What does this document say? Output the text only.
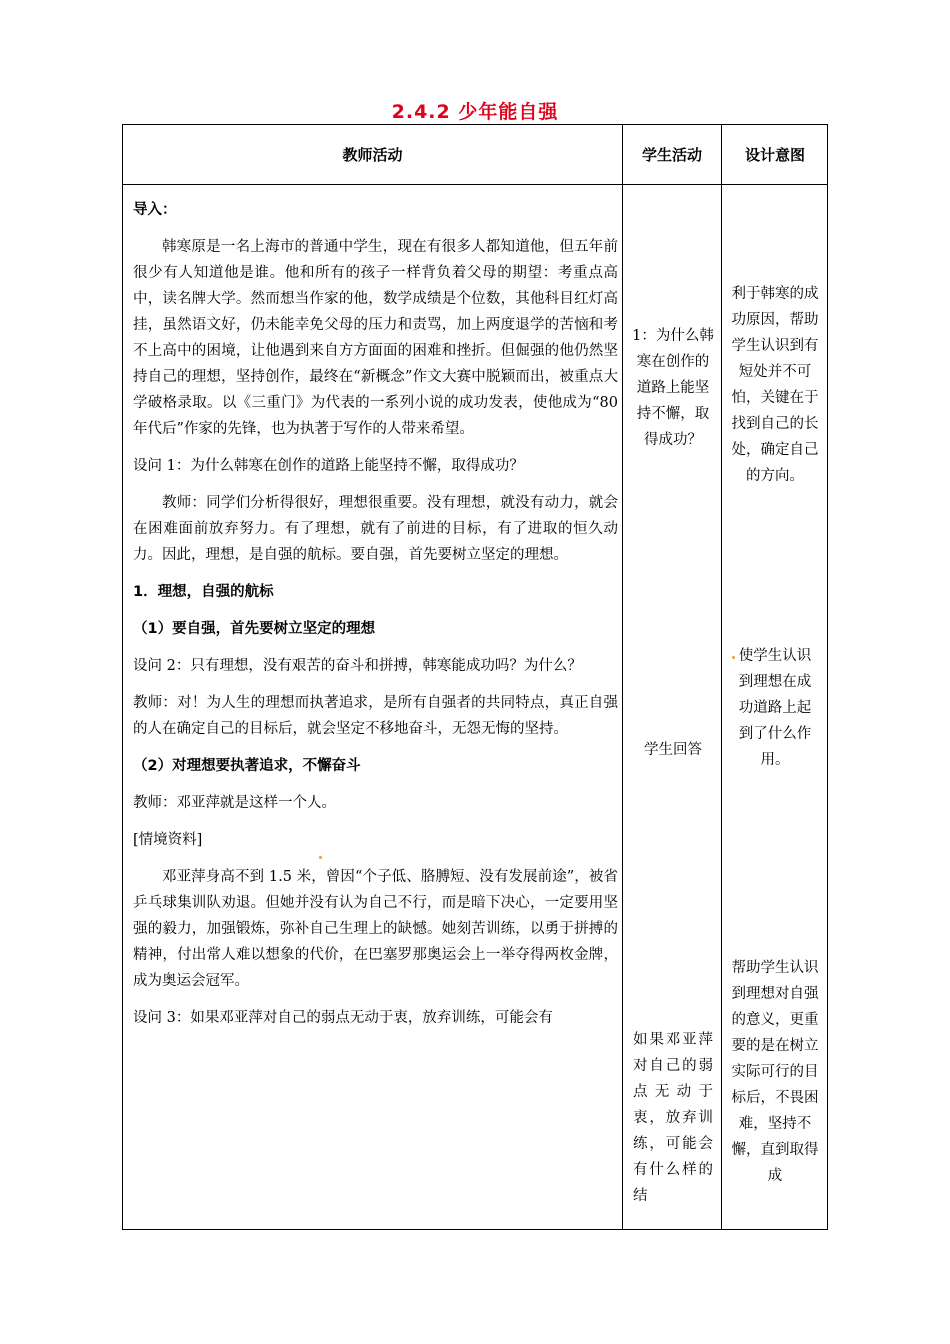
2.4.2 少年能自强
教师活动	学生活动	设计意图

导入：

韩寒原是一名上海市的普通中学生，现在有很多人都知道他，但五年前很少有人知道他是谁。他和所有的孩子一样背负着父母的期望：考重点高中，读名牌大学。然而想当作家的他，数学成绩是个位数，其他科目红灯高挂，虽然语文好，仍未能幸免父母的压力和责骂，加上两度退学的苦恼和考不上高中的困境，让他遇到来自方方面面的困难和挫折。但倔强的他仍然坚持自己的理想，坚持创作，最终在“新概念”作文大赛中脱颖而出，被重点大学破格录取。以《三重门》为代表的一系列小说的成功发表，使他成为“80年代后”作家的先锋，也为执著于写作的人带来希望。

设问 1：为什么韩寒在创作的道路上能坚持不懈，取得成功？

教师：同学们分析得很好，理想很重要。没有理想，就没有动力，就会在困难面前放弃努力。有了理想，就有了前进的目标，有了进取的恒久动力。因此，理想，是自强的航标。要自强，首先要树立坚定的理想。

1．理想，自强的航标

（1）要自强，首先要树立坚定的理想

设问 2：只有理想，没有艰苦的奋斗和拼搏，韩寒能成功吗？为什么？

教师：对！为人生的理想而执著追求，是所有自强者的共同特点，真正自强的人在确定自己的目标后，就会坚定不移地奋斗，无怨无悔的坚持。

（2）对理想要执著追求，不懈奋斗

教师：邓亚萍就是这样一个人。

[情境资料]

邓亚萍身高不到 1.5 米，曾因“个子低、胳膊短、没有发展前途”，被省乒乓球集训队劝退。但她并没有认为自己不行，而是暗下决心，一定要用坚强的毅力，加强锻炼，弥补自己生理上的缺憾。她刻苦训练，以勇于拼搏的精神，付出常人难以想象的代价，在巴塞罗那奥运会上一举夺得两枚金牌，成为奥运会冠军。

设问 3：如果邓亚萍对自己的弱点无动于衷，放弃训练，可能会有

1：为什么韩寒在创作的道路上能坚持不懈，取得成功？
学生回答
如果邓亚萍对自己的弱点无动于衷，放弃训练，可能会有什么样的结
利于韩寒的成功原因，帮助学生认识到有短处并不可怕，关键在于找到自己的长处，确定自己的方向。
使学生认识到理想在成功道路上起到了什么作用。
帮助学生认识到理想对自强的意义，更重要的是在树立实际可行的目标后，不畏困难，坚持不懈，直到取得成
